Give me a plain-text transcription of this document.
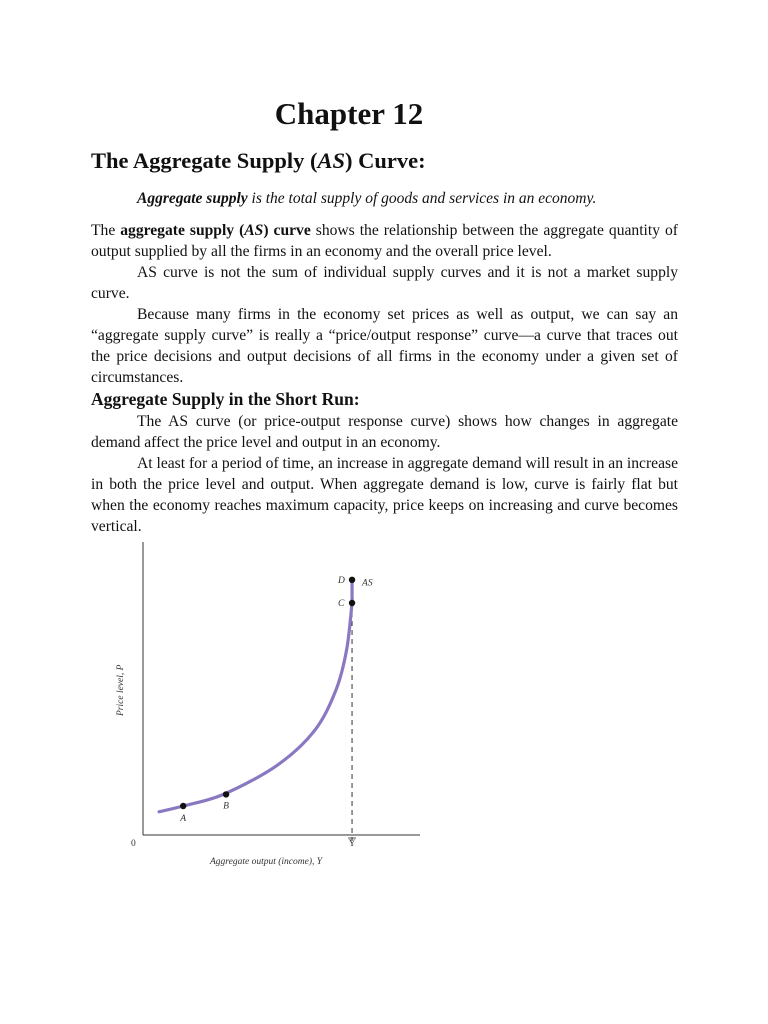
Chapter 12
The Aggregate Supply (AS) Curve:

Aggregate supply is the total supply of goods and services in an economy.

The aggregate supply (AS) curve shows the relationship between the aggregate quantity of output supplied by all the firms in an economy and the overall price level.

AS curve is not the sum of individual supply curves and it is not a market supply curve.

Because many firms in the economy set prices as well as output, we can say an “aggregate supply curve” is really a “price/output response” curve—a curve that traces out the price decisions and output decisions of all firms in the economy under a given set of circumstances.

Aggregate Supply in the Short Run:

The AS curve (or price-output response curve) shows how changes in aggregate demand affect the price level and output in an economy.

At least for a period of time, an increase in aggregate demand will result in an increase in both the price level and output. When aggregate demand is low, curve is fairly flat but when the economy reaches maximum capacity, price keeps on increasing and curve becomes vertical.

A
B
C
D
0	Y
Aggregate output (income), Y
Price level, P
AS
